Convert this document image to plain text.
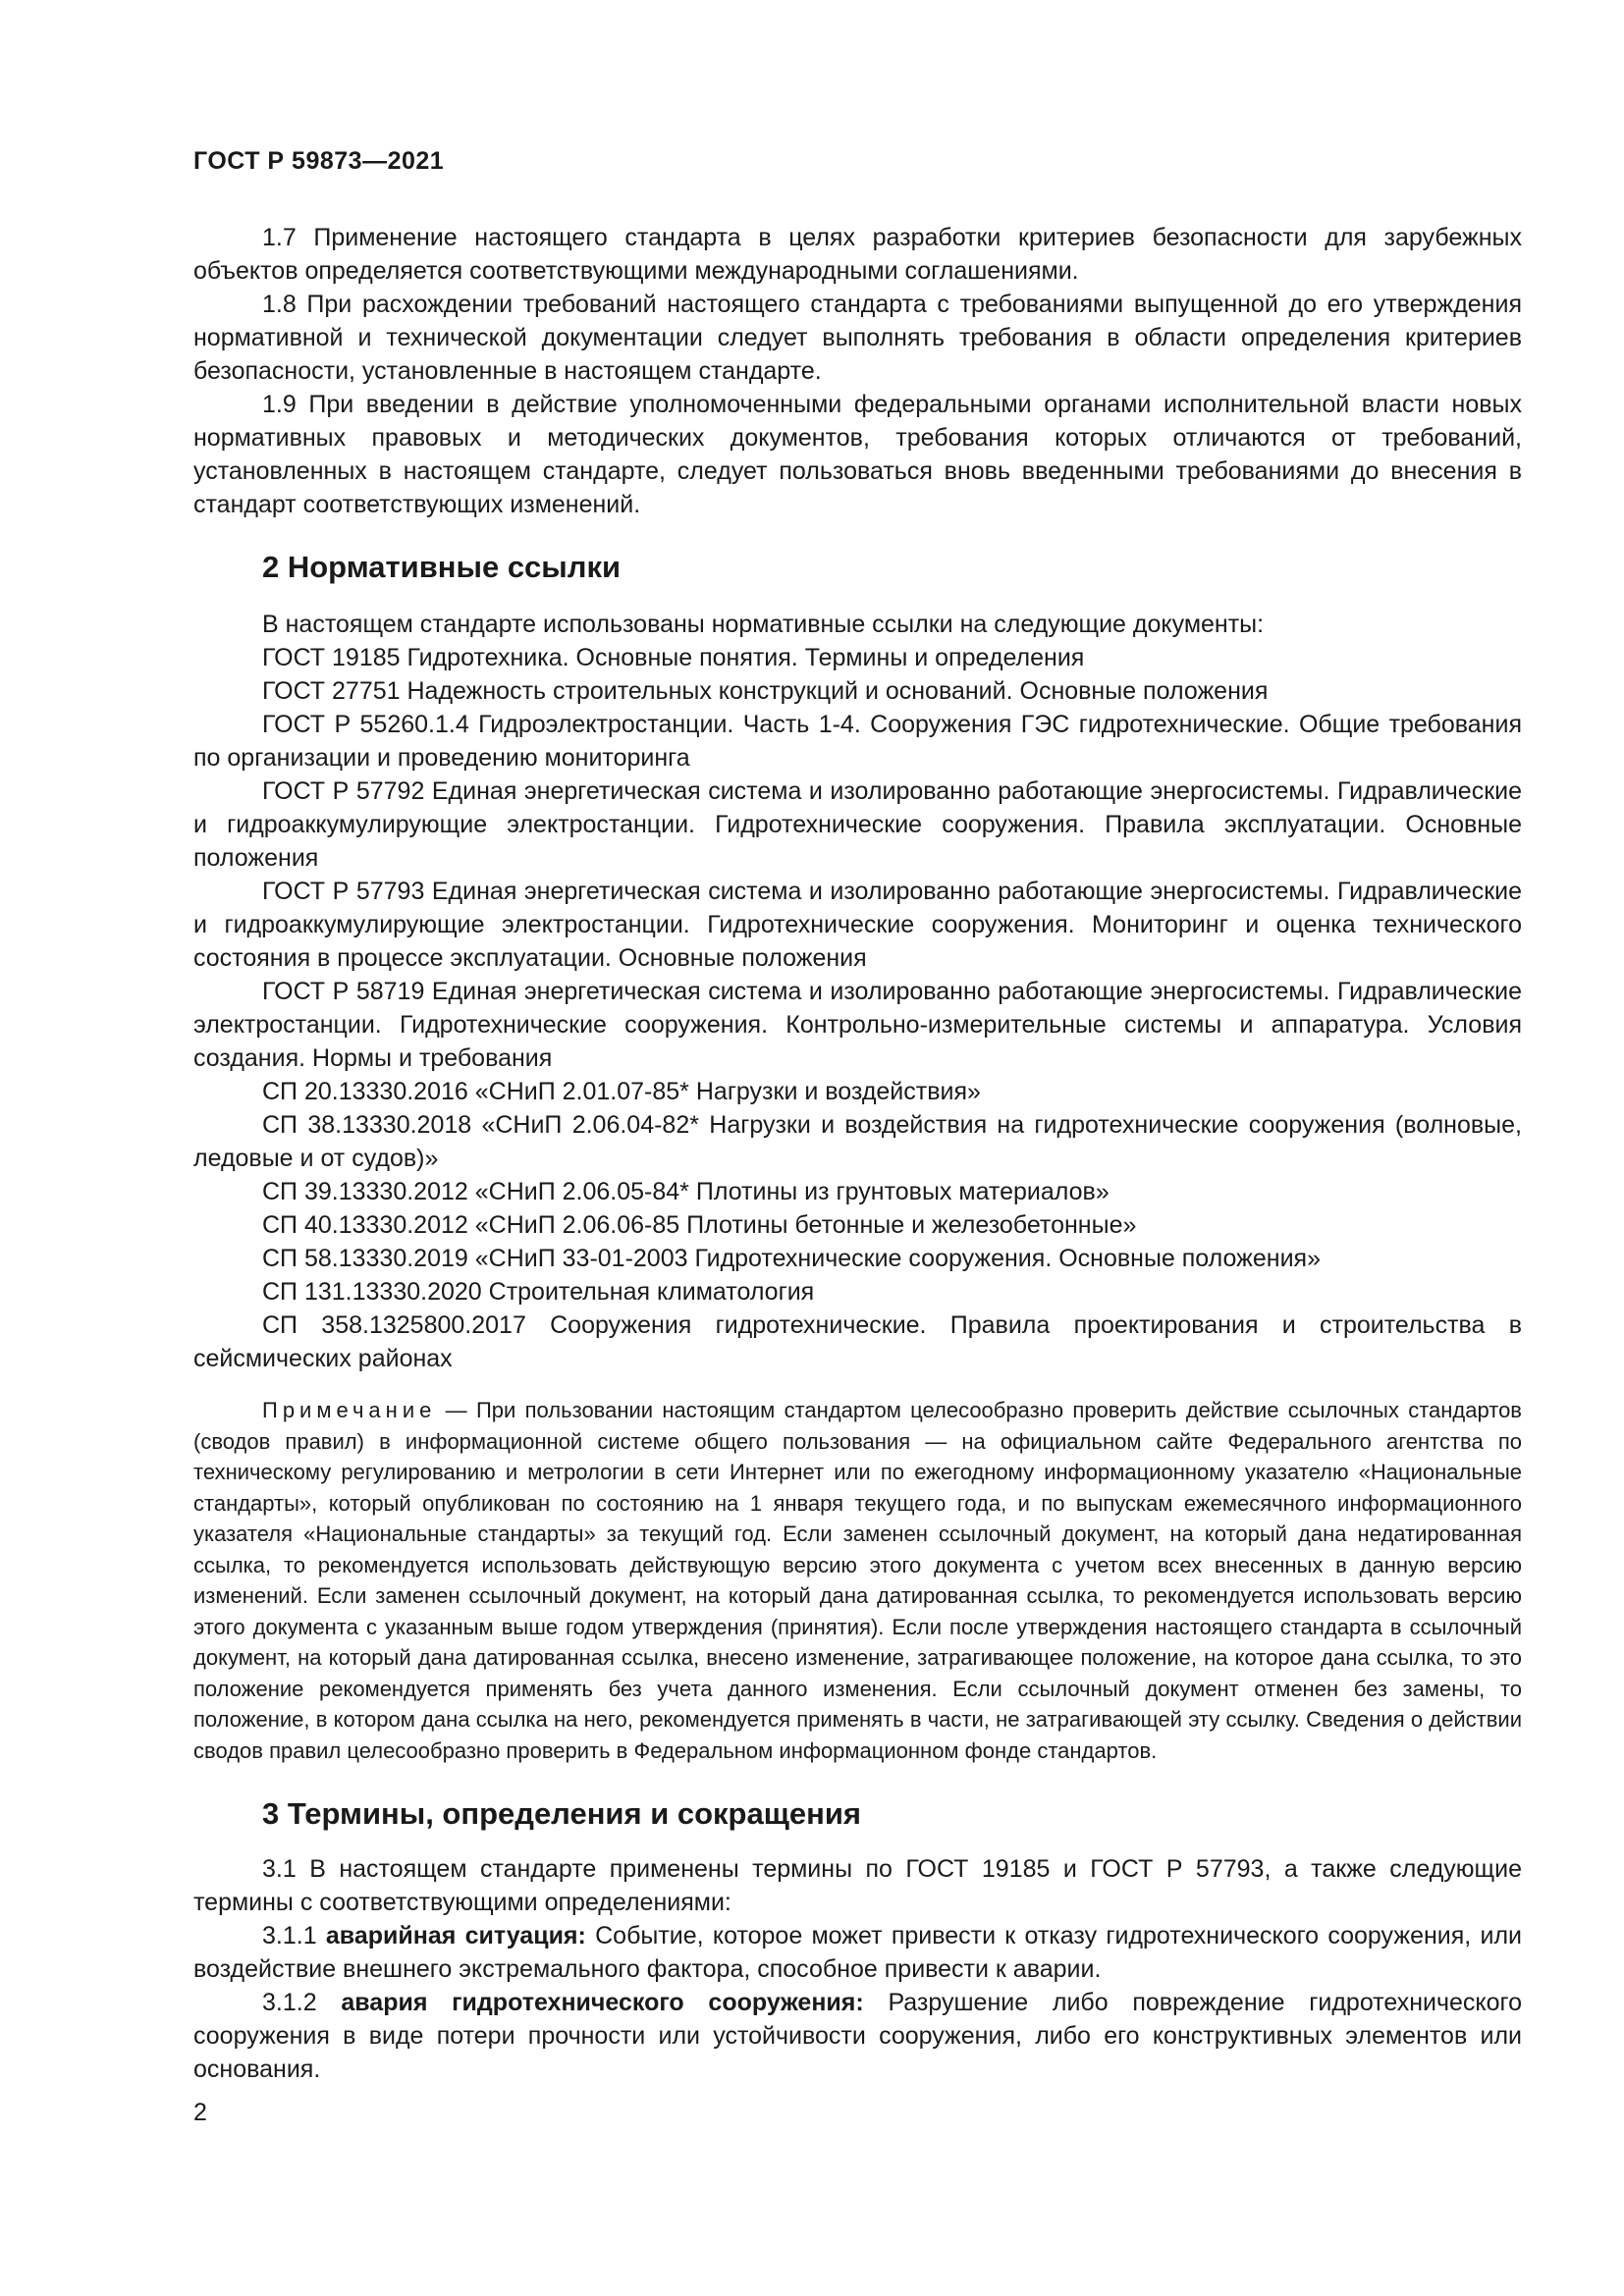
ГОСТ Р 59873—2021

1.7 Применение настоящего стандарта в целях разработки критериев безопасности для зарубежных объектов определяется соответствующими международными соглашениями.

1.8 При расхождении требований настоящего стандарта с требованиями выпущенной до его утверждения нормативной и технической документации следует выполнять требования в области определения критериев безопасности, установленные в настоящем стандарте.

1.9 При введении в действие уполномоченными федеральными органами исполнительной власти новых нормативных правовых и методических документов, требования которых отличаются от требований, установленных в настоящем стандарте, следует пользоваться вновь введенными требованиями до внесения в стандарт соответствующих изменений.

2 Нормативные ссылки

В настоящем стандарте использованы нормативные ссылки на следующие документы:

ГОСТ 19185 Гидротехника. Основные понятия. Термины и определения

ГОСТ 27751 Надежность строительных конструкций и оснований. Основные положения

ГОСТ Р 55260.1.4 Гидроэлектростанции. Часть 1-4. Сооружения ГЭС гидротехнические. Общие требования по организации и проведению мониторинга

ГОСТ Р 57792 Единая энергетическая система и изолированно работающие энергосистемы. Гидравлические и гидроаккумулирующие электростанции. Гидротехнические сооружения. Правила эксплуатации. Основные положения

ГОСТ Р 57793 Единая энергетическая система и изолированно работающие энергосистемы. Гидравлические и гидроаккумулирующие электростанции. Гидротехнические сооружения. Мониторинг и оценка технического состояния в процессе эксплуатации. Основные положения

ГОСТ Р 58719 Единая энергетическая система и изолированно работающие энергосистемы. Гидравлические электростанции. Гидротехнические сооружения. Контрольно-измерительные системы и аппаратура. Условия создания. Нормы и требования

СП 20.13330.2016 «СНиП 2.01.07-85* Нагрузки и воздействия»

СП 38.13330.2018 «СНиП 2.06.04-82* Нагрузки и воздействия на гидротехнические сооружения (волновые, ледовые и от судов)»

СП 39.13330.2012 «СНиП 2.06.05-84* Плотины из грунтовых материалов»

СП 40.13330.2012 «СНиП 2.06.06-85 Плотины бетонные и железобетонные»

СП 58.13330.2019 «СНиП 33-01-2003 Гидротехнические сооружения. Основные положения»

СП 131.13330.2020 Строительная климатология

СП 358.1325800.2017 Сооружения гидротехнические. Правила проектирования и строительства в сейсмических районах

Примечание — При пользовании настоящим стандартом целесообразно проверить действие ссылочных стандартов (сводов правил) в информационной системе общего пользования — на официальном сайте Федерального агентства по техническому регулированию и метрологии в сети Интернет или по ежегодному информационному указателю «Национальные стандарты», который опубликован по состоянию на 1 января текущего года, и по выпускам ежемесячного информационного указателя «Национальные стандарты» за текущий год. Если заменен ссылочный документ, на который дана недатированная ссылка, то рекомендуется использовать действующую версию этого документа с учетом всех внесенных в данную версию изменений. Если заменен ссылочный документ, на который дана датированная ссылка, то рекомендуется использовать версию этого документа с указанным выше годом утверждения (принятия). Если после утверждения настоящего стандарта в ссылочный документ, на который дана датированная ссылка, внесено изменение, затрагивающее положение, на которое дана ссылка, то это положение рекомендуется применять без учета данного изменения. Если ссылочный документ отменен без замены, то положение, в котором дана ссылка на него, рекомендуется применять в части, не затрагивающей эту ссылку. Сведения о действии сводов правил целесообразно проверить в Федеральном информационном фонде стандартов.

3 Термины, определения и сокращения

3.1 В настоящем стандарте применены термины по ГОСТ 19185 и ГОСТ Р 57793, а также следующие термины с соответствующими определениями:

3.1.1 аварийная ситуация: Событие, которое может привести к отказу гидротехнического сооружения, или воздействие внешнего экстремального фактора, способное привести к аварии.

3.1.2 авария гидротехнического сооружения: Разрушение либо повреждение гидротехнического сооружения в виде потери прочности или устойчивости сооружения, либо его конструктивных элементов или основания.

2
